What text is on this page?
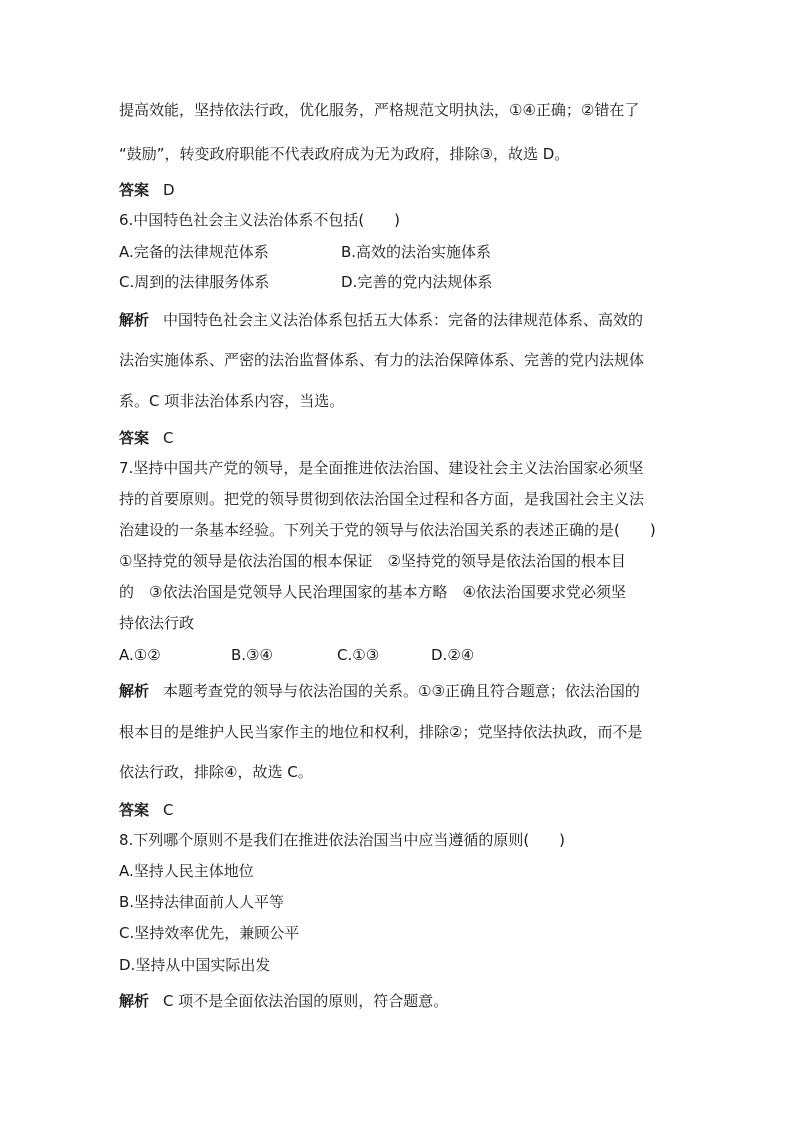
提高效能，坚持依法行政，优化服务，严格规范文明执法，①④正确；②错在了
“鼓励”，转变政府职能不代表政府成为无为政府，排除③，故选 D。
答案 D
6.中国特色社会主义法治体系不包括(　　)
A.完备的法律规范体系	B.高效的法治实施体系
C.周到的法律服务体系	D.完善的党内法规体系
解析 中国特色社会主义法治体系包括五大体系：完备的法律规范体系、高效的
法治实施体系、严密的法治监督体系、有力的法治保障体系、完善的党内法规体
系。C 项非法治体系内容，当选。
答案 C
7.坚持中国共产党的领导，是全面推进依法治国、建设社会主义法治国家必须坚
持的首要原则。把党的领导贯彻到依法治国全过程和各方面，是我国社会主义法
治建设的一条基本经验。下列关于党的领导与依法治国关系的表述正确的是(　　)
①坚持党的领导是依法治国的根本保证　②坚持党的领导是依法治国的根本目
的　③依法治国是党领导人民治理国家的基本方略　④依法治国要求党必须坚
持依法行政
A.①②	B.③④	C.①③	D.②④
解析 本题考查党的领导与依法治国的关系。①③正确且符合题意；依法治国的
根本目的是维护人民当家作主的地位和权利，排除②；党坚持依法执政，而不是
依法行政，排除④，故选 C。
答案 C
8.下列哪个原则不是我们在推进依法治国当中应当遵循的原则(　　)
A.坚持人民主体地位
B.坚持法律面前人人平等
C.坚持效率优先，兼顾公平
D.坚持从中国实际出发
解析 C 项不是全面依法治国的原则，符合题意。
